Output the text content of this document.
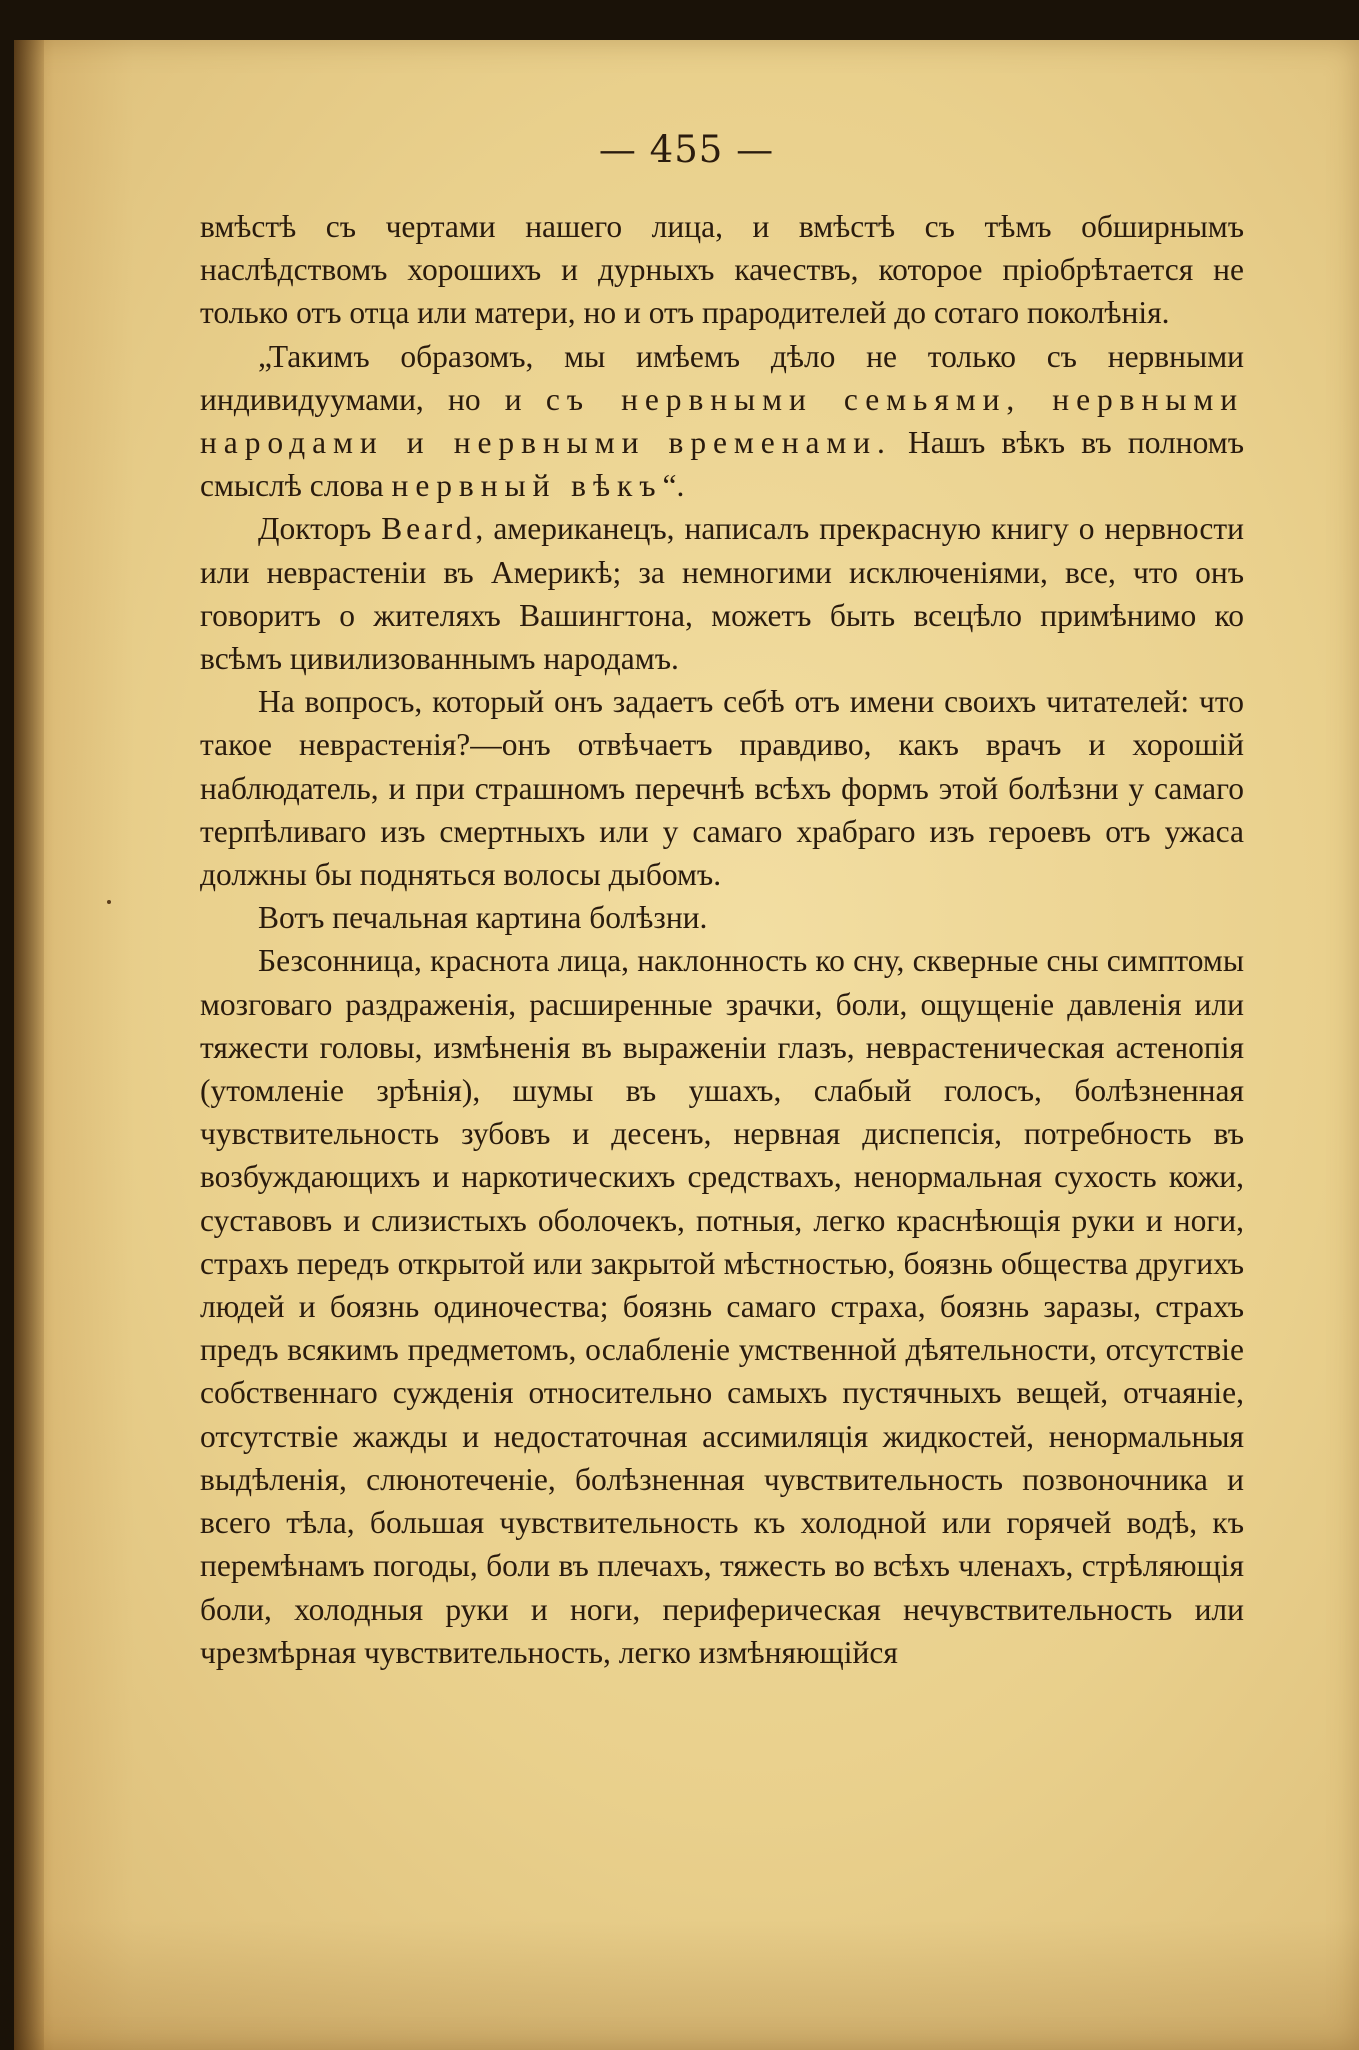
— 455 —

вмѣстѣ съ чертами нашего лица, и вмѣстѣ съ тѣмъ обширнымъ наслѣдствомъ хорошихъ и дурныхъ качествъ, которое пріобрѣтается не только отъ отца или матери, но и отъ прародителей до сотаго поколѣнія.

„Такимъ образомъ, мы имѣемъ дѣло не только съ нервными индивидуумами, но и съ нервными семьями, нервными народами и нервными временами. Нашъ вѣкъ въ полномъ смыслѣ слова нервный вѣкъ“.

Докторъ Beard, американецъ, написалъ прекрасную книгу о нервности или неврастеніи въ Америкѣ; за немногими исключеніями, все, что онъ говоритъ о жителяхъ Вашингтона, можетъ быть всецѣло примѣнимо ко всѣмъ цивилизованнымъ народамъ.

На вопросъ, который онъ задаетъ себѣ отъ имени своихъ читателей: что такое неврастенія?—онъ отвѣчаетъ правдиво, какъ врачъ и хорошій наблюдатель, и при страшномъ перечнѣ всѣхъ формъ этой болѣзни у самаго терпѣливаго изъ смертныхъ или у самаго храбраго изъ героевъ отъ ужаса должны бы подняться волосы дыбомъ.

Вотъ печальная картина болѣзни.

Безсонница, краснота лица, наклонность ко сну, скверные сны симптомы мозговаго раздраженія, расширенные зрачки, боли, ощущеніе давленія или тяжести головы, измѣненія въ выраженіи глазъ, неврастеническая астенопія (утомленіе зрѣнія), шумы въ ушахъ, слабый голосъ, болѣзненная чувствительность зубовъ и десенъ, нервная диспепсія, потребность въ возбуждающихъ и наркотическихъ средствахъ, ненормальная сухость кожи, суставовъ и слизистыхъ оболочекъ, потныя, легко краснѣющія руки и ноги, страхъ передъ открытой или закрытой мѣстностью, боязнь общества другихъ людей и боязнь одиночества; боязнь самаго страха, боязнь заразы, страхъ предъ всякимъ предметомъ, ослабленіе умственной дѣятельности, отсутствіе собственнаго сужденія относительно самыхъ пустячныхъ вещей, отчаяніе, отсутствіе жажды и недостаточная ассимиляція жидкостей, ненормальныя выдѣленія, слюнотеченіе, болѣзненная чувствительность позвоночника и всего тѣла, большая чувствительность къ холодной или горячей водѣ, къ перемѣнамъ погоды, боли въ плечахъ, тяжесть во всѣхъ членахъ, стрѣляющія боли, холодныя руки и ноги, периферическая нечувствительность или чрезмѣрная чувствительность, легко измѣняющійся
